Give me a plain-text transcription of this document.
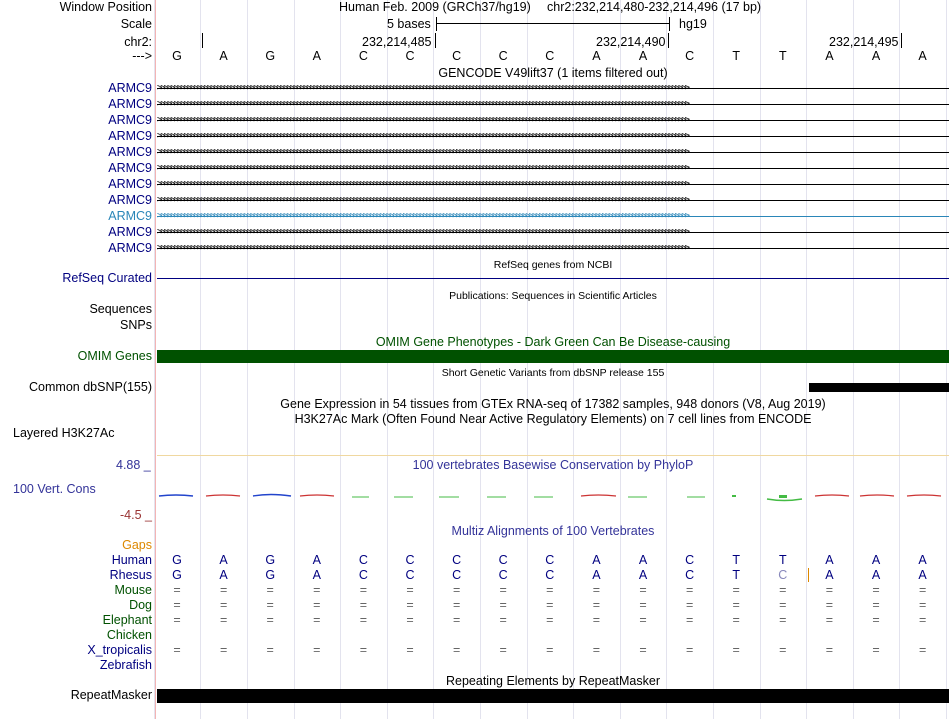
Window Position	Human Feb. 2009 (GRCh37/hg19) chr2:232,214,480-232,214,496 (17 bp)
Scale	5 bases	hg19
chr2:	232,214,485	232,214,490	232,214,495
--->	G	A	G	A	C	C	C	C	C	A	A	C	T	T	A	A	A
GENCODE V49lift37 (1 items filtered out)
ARMC9 >>>>>>>>>>>>>>>>>>>>>>>>>>>>>>>>>>>>>>>>>>>>>>>>>>>>>>>>>>>>>>>>>>>>>>>>>>>>>>>>>>>>>>>>>>>>>>>>>>>>>>>>>>>>>>>>>>>>>>>>>>>>>>>>>>>>>>>>>>>>>>>>>>>>>>>>>>>>>>>>
ARMC9 >>>>>>>>>>>>>>>>>>>>>>>>>>>>>>>>>>>>>>>>>>>>>>>>>>>>>>>>>>>>>>>>>>>>>>>>>>>>>>>>>>>>>>>>>>>>>>>>>>>>>>>>>>>>>>>>>>>>>>>>>>>>>>>>>>>>>>>>>>>>>>>>>>>>>>>>>>>>>>>>
ARMC9 >>>>>>>>>>>>>>>>>>>>>>>>>>>>>>>>>>>>>>>>>>>>>>>>>>>>>>>>>>>>>>>>>>>>>>>>>>>>>>>>>>>>>>>>>>>>>>>>>>>>>>>>>>>>>>>>>>>>>>>>>>>>>>>>>>>>>>>>>>>>>>>>>>>>>>>>>>>>>>>>
ARMC9 >>>>>>>>>>>>>>>>>>>>>>>>>>>>>>>>>>>>>>>>>>>>>>>>>>>>>>>>>>>>>>>>>>>>>>>>>>>>>>>>>>>>>>>>>>>>>>>>>>>>>>>>>>>>>>>>>>>>>>>>>>>>>>>>>>>>>>>>>>>>>>>>>>>>>>>>>>>>>>>>
ARMC9 >>>>>>>>>>>>>>>>>>>>>>>>>>>>>>>>>>>>>>>>>>>>>>>>>>>>>>>>>>>>>>>>>>>>>>>>>>>>>>>>>>>>>>>>>>>>>>>>>>>>>>>>>>>>>>>>>>>>>>>>>>>>>>>>>>>>>>>>>>>>>>>>>>>>>>>>>>>>>>>>
ARMC9 >>>>>>>>>>>>>>>>>>>>>>>>>>>>>>>>>>>>>>>>>>>>>>>>>>>>>>>>>>>>>>>>>>>>>>>>>>>>>>>>>>>>>>>>>>>>>>>>>>>>>>>>>>>>>>>>>>>>>>>>>>>>>>>>>>>>>>>>>>>>>>>>>>>>>>>>>>>>>>>>
ARMC9 >>>>>>>>>>>>>>>>>>>>>>>>>>>>>>>>>>>>>>>>>>>>>>>>>>>>>>>>>>>>>>>>>>>>>>>>>>>>>>>>>>>>>>>>>>>>>>>>>>>>>>>>>>>>>>>>>>>>>>>>>>>>>>>>>>>>>>>>>>>>>>>>>>>>>>>>>>>>>>>>
ARMC9 >>>>>>>>>>>>>>>>>>>>>>>>>>>>>>>>>>>>>>>>>>>>>>>>>>>>>>>>>>>>>>>>>>>>>>>>>>>>>>>>>>>>>>>>>>>>>>>>>>>>>>>>>>>>>>>>>>>>>>>>>>>>>>>>>>>>>>>>>>>>>>>>>>>>>>>>>>>>>>>>
ARMC9 >>>>>>>>>>>>>>>>>>>>>>>>>>>>>>>>>>>>>>>>>>>>>>>>>>>>>>>>>>>>>>>>>>>>>>>>>>>>>>>>>>>>>>>>>>>>>>>>>>>>>>>>>>>>>>>>>>>>>>>>>>>>>>>>>>>>>>>>>>>>>>>>>>>>>>>>>>>>>>>>
ARMC9 >>>>>>>>>>>>>>>>>>>>>>>>>>>>>>>>>>>>>>>>>>>>>>>>>>>>>>>>>>>>>>>>>>>>>>>>>>>>>>>>>>>>>>>>>>>>>>>>>>>>>>>>>>>>>>>>>>>>>>>>>>>>>>>>>>>>>>>>>>>>>>>>>>>>>>>>>>>>>>>>
ARMC9 >>>>>>>>>>>>>>>>>>>>>>>>>>>>>>>>>>>>>>>>>>>>>>>>>>>>>>>>>>>>>>>>>>>>>>>>>>>>>>>>>>>>>>>>>>>>>>>>>>>>>>>>>>>>>>>>>>>>>>>>>>>>>>>>>>>>>>>>>>>>>>>>>>>>>>>>>>>>>>>>
RefSeq genes from NCBI
RefSeq Curated
Publications: Sequences in Scientific Articles
Sequences
SNPs
OMIM Gene Phenotypes - Dark Green Can Be Disease-causing
OMIM Genes
Short Genetic Variants from dbSNP release 155
Common dbSNP(155)
Gene Expression in 54 tissues from GTEx RNA-seq of 17382 samples, 948 donors (V8, Aug 2019)
H3K27Ac Mark (Often Found Near Active Regulatory Elements) on 7 cell lines from ENCODE
Layered H3K27Ac
100 vertebrates Basewise Conservation by PhyloP
4.88 _
100 Vert. Cons
-4.5 _
Multiz Alignments of 100 Vertebrates
Gaps
Human	G	A	G	A	C	C	C	C	C	A	A	C	T	T	A	A	A
Rhesus	G	A	G	A	C	C	C	C	C	A	A	C	T	C	A	A	A
Mouse	=	=	=	=	=	=	=	=	=	=	=	=	=	=	=	=	=
Dog	=	=	=	=	=	=	=	=	=	=	=	=	=	=	=	=	=
Elephant	=	=	=	=	=	=	=	=	=	=	=	=	=	=	=	=	=
Chicken
X_tropicalis	=	=	=	=	=	=	=	=	=	=	=	=	=	=	=	=	=
Zebrafish
Repeating Elements by RepeatMasker
RepeatMasker
